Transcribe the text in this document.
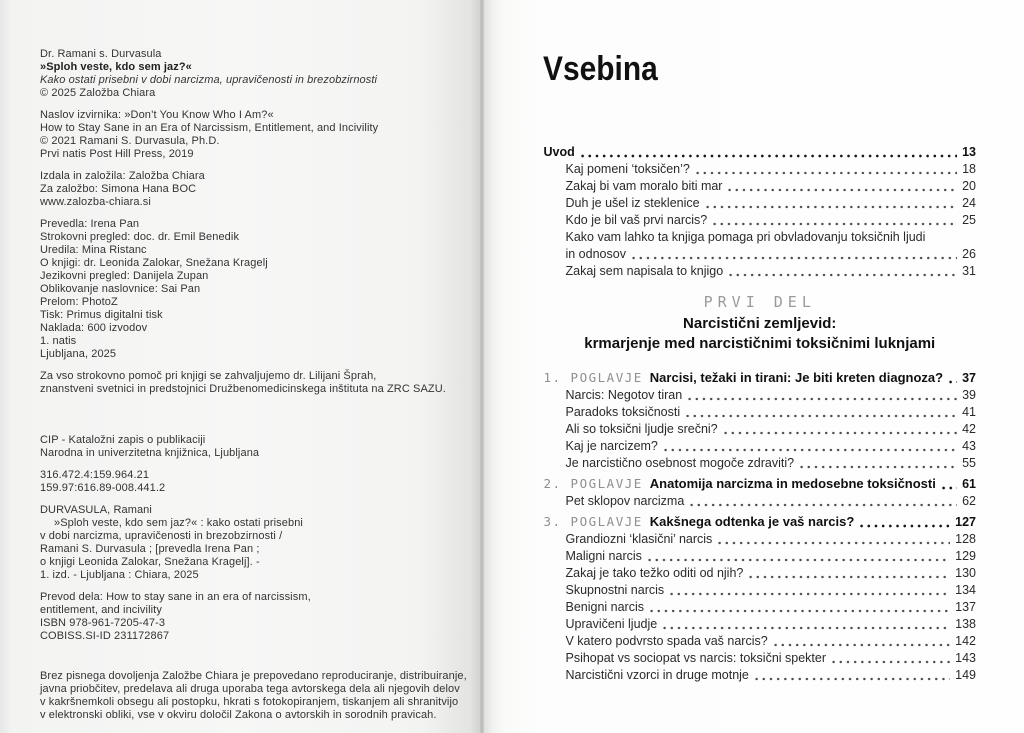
Dr. Ramani s. Durvasula
»Sploh veste, kdo sem jaz?«
Kako ostati prisebni v dobi narcizma, upravičenosti in brezobzirnosti
© 2025 Založba Chiara
Naslov izvirnika: »Don’t You Know Who I Am?«
How to Stay Sane in an Era of Narcissism, Entitlement, and Incivility
© 2021 Ramani S. Durvasula, Ph.D.
Prvi natis Post Hill Press, 2019
Izdala in založila: Založba Chiara
Za založbo: Simona Hana BOC
www.zalozba-chiara.si
Prevedla: Irena Pan
Strokovni pregled: doc. dr. Emil Benedik
Uredila: Mina Ristanc
O knjigi: dr. Leonida Zalokar, Snežana Kragelj
Jezikovni pregled: Danijela Zupan
Oblikovanje naslovnice: Sai Pan
Prelom: PhotoZ
Tisk: Primus digitalni tisk
Naklada: 600 izvodov
1. natis
Ljubljana, 2025
Za vso strokovno pomoč pri knjigi se zahvaljujemo dr. Lilijani Šprah,
znanstveni svetnici in predstojnici Družbenomedicinskega inštituta na ZRC SAZU.
CIP - Kataložni zapis o publikaciji
Narodna in univerzitetna knjižnica, Ljubljana
316.472.4:159.964.21
159.97:616.89-008.441.2
DURVASULA, Ramani
»Sploh veste, kdo sem jaz?« : kako ostati prisebni
v dobi narcizma, upravičenosti in brezobzirnosti /
Ramani S. Durvasula ; [prevedla Irena Pan ;
o knjigi Leonida Zalokar, Snežana Kragelj]. -
1. izd. - Ljubljana : Chiara, 2025
Prevod dela: How to stay sane in an era of narcissism,
entitlement, and incivility
ISBN 978-961-7205-47-3
COBISS.SI-ID 231172867
Brez pisnega dovoljenja Založbe Chiara je prepovedano reproduciranje, distribuiranje,
javna priobčitev, predelava ali druga uporaba tega avtorskega dela ali njegovih delov
v kakršnemkoli obsegu ali postopku, hkrati s fotokopiranjem, tiskanjem ali shranitvijo
v elektronski obliki, vse v okviru določil Zakona o avtorskih in sorodnih pravicah.
Vsebina
Uvod	13
Kaj pomeni ‘toksičen’?	18
Zakaj bi vam moralo biti mar	20
Duh je ušel iz steklenice	24
Kdo je bil vaš prvi narcis?	25
Kako vam lahko ta knjiga pomaga pri obvladovanju toksičnih ljudi
in odnosov	26
Zakaj sem napisala to knjigo	31
PRVI DEL
Narcistični zemljevid:
krmarjenje med narcističnimi toksičnimi luknjami
1. POGLAVJE Narcisi, težaki in tirani: Je biti kreten diagnoza? 37
Narcis: Negotov tiran	39
Paradoks toksičnosti	41
Ali so toksični ljudje srečni?	42
Kaj je narcizem?	43
Je narcistično osebnost mogoče zdraviti?	55
2. POGLAVJE Anatomija narcizma in medosebne toksičnosti 61
Pet sklopov narcizma	62
3. POGLAVJE Kakšnega odtenka je vaš narcis?	127
Grandiozni ‘klasični’ narcis	128
Maligni narcis	129
Zakaj je tako težko oditi od njih?	130
Skupnostni narcis	134
Benigni narcis	137
Upravičeni ljudje	138
V katero podvrsto spada vaš narcis?	142
Psihopat vs sociopat vs narcis: toksični spekter	143
Narcistični vzorci in druge motnje	149
